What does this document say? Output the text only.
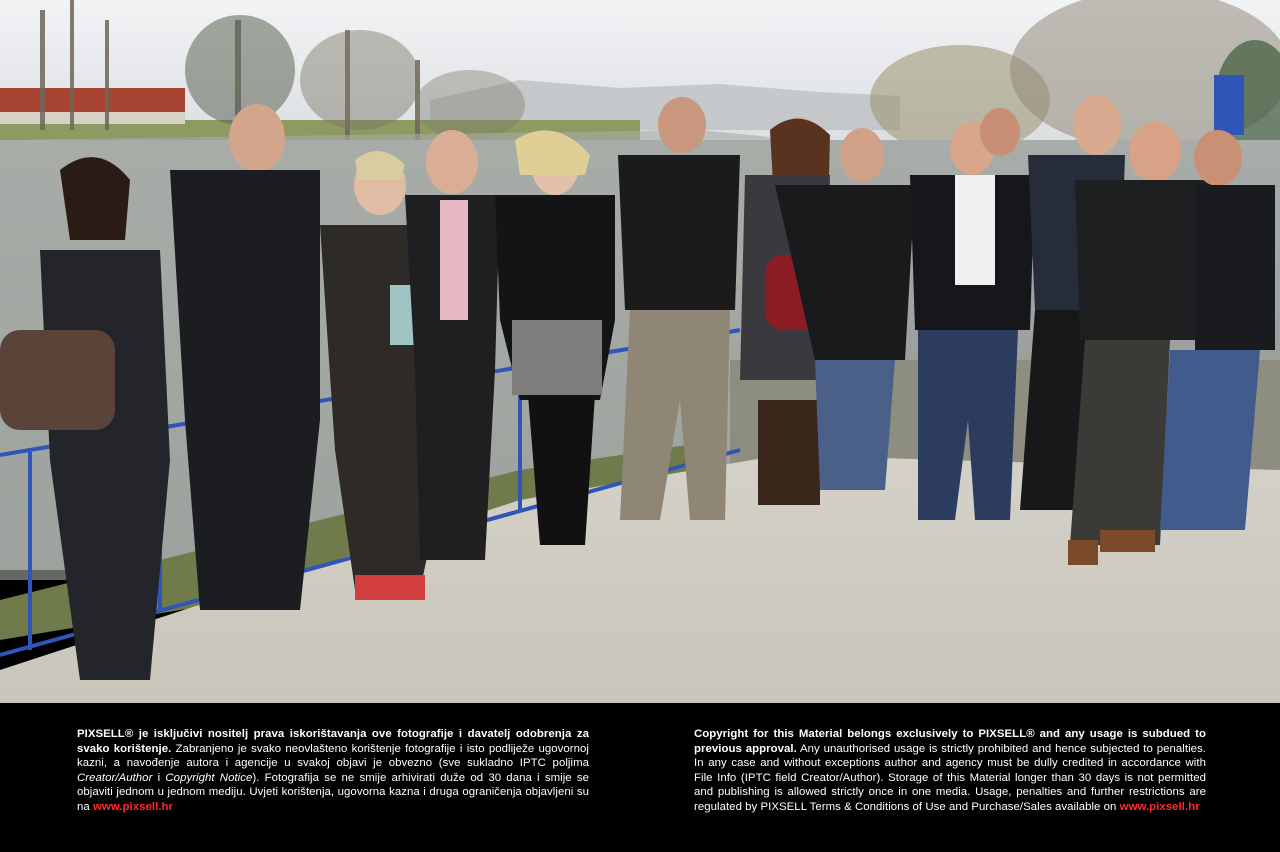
PIXSELL® je isključivi nositelj prava iskorištavanja ove fotografije i davatelj odobrenja za svako korištenje. Zabranjeno je svako neovlašteno korištenje fotografije i isto podliježe ugovornoj kazni, a navođenje autora i agencije u svakoj objavi je obvezno (sve sukladno IPTC poljima Creator/Author i Copyright Notice). Fotografija se ne smije arhivirati duže od 30 dana i smije se objaviti jednom u jednom mediju. Uvjeti korištenja, ugovorna kazna i druga ograničenja objavljeni su na www.pixsell.hr
Copyright for this Material belongs exclusively to PIXSELL® and any usage is subdued to previous approval. Any unauthorised usage is strictly prohibited and hence subjected to penalties. In any case and without exceptions author and agency must be dully credited in accordance with File Info (IPTC field Creator/Author). Storage of this Material longer than 30 days is not permitted and publishing is allowed strictly once in one media. Usage, penalties and further restrictions are regulated by PIXSELL Terms & Conditions of Use and Purchase/Sales available on www.pixsell.hr
